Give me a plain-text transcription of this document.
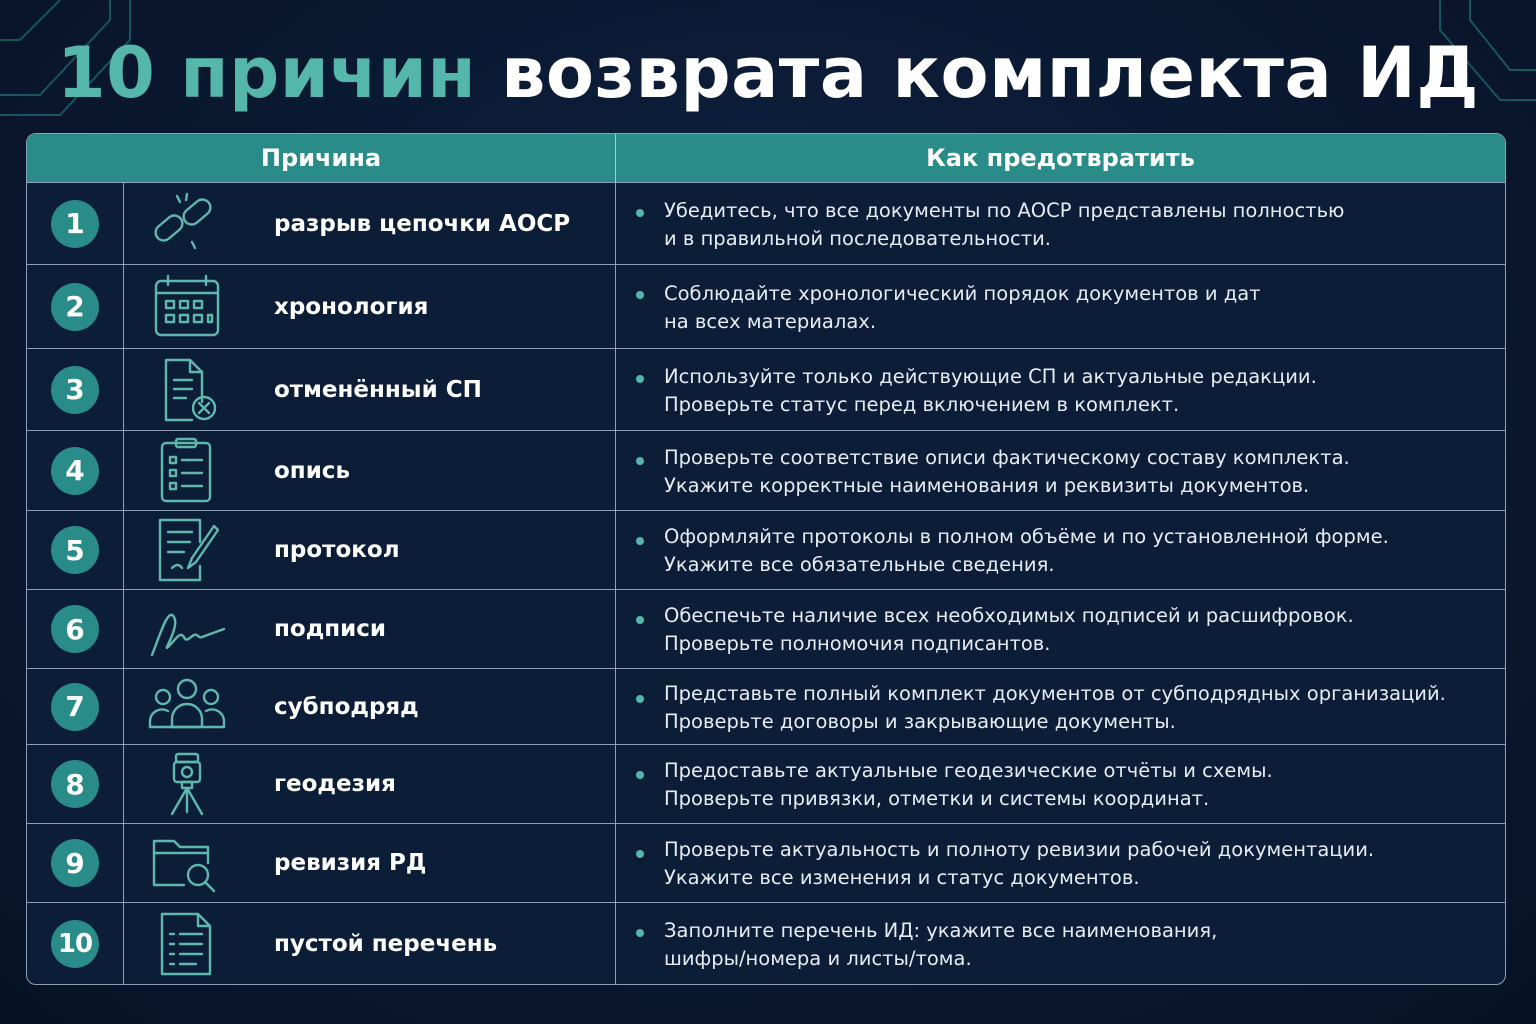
10 причин возврата комплекта ИД
Причина	Как предотвратить
1	разрыв цепочки АОСР
Убедитесь, что все документы по АОСР представлены полностью
и в правильной последовательности.
2	хронология
Соблюдайте хронологический порядок документов и дат
на всех материалах.
3	отменённый СП
Используйте только действующие СП и актуальные редакции.
Проверьте статус перед включением в комплект.
4	опись
Проверьте соответствие описи фактическому составу комплекта.
Укажите корректные наименования и реквизиты документов.
5	протокол
Оформляйте протоколы в полном объёме и по установленной форме.
Укажите все обязательные сведения.
6	подписи
Обеспечьте наличие всех необходимых подписей и расшифровок.
Проверьте полномочия подписантов.
7	субподряд
Представьте полный комплект документов от субподрядных организаций.
Проверьте договоры и закрывающие документы.
8	геодезия
Предоставьте актуальные геодезические отчёты и схемы.
Проверьте привязки, отметки и системы координат.
9	ревизия РД
Проверьте актуальность и полноту ревизии рабочей документации.
Укажите все изменения и статус документов.
10	пустой перечень
Заполните перечень ИД: укажите все наименования,
шифры/номера и листы/тома.
